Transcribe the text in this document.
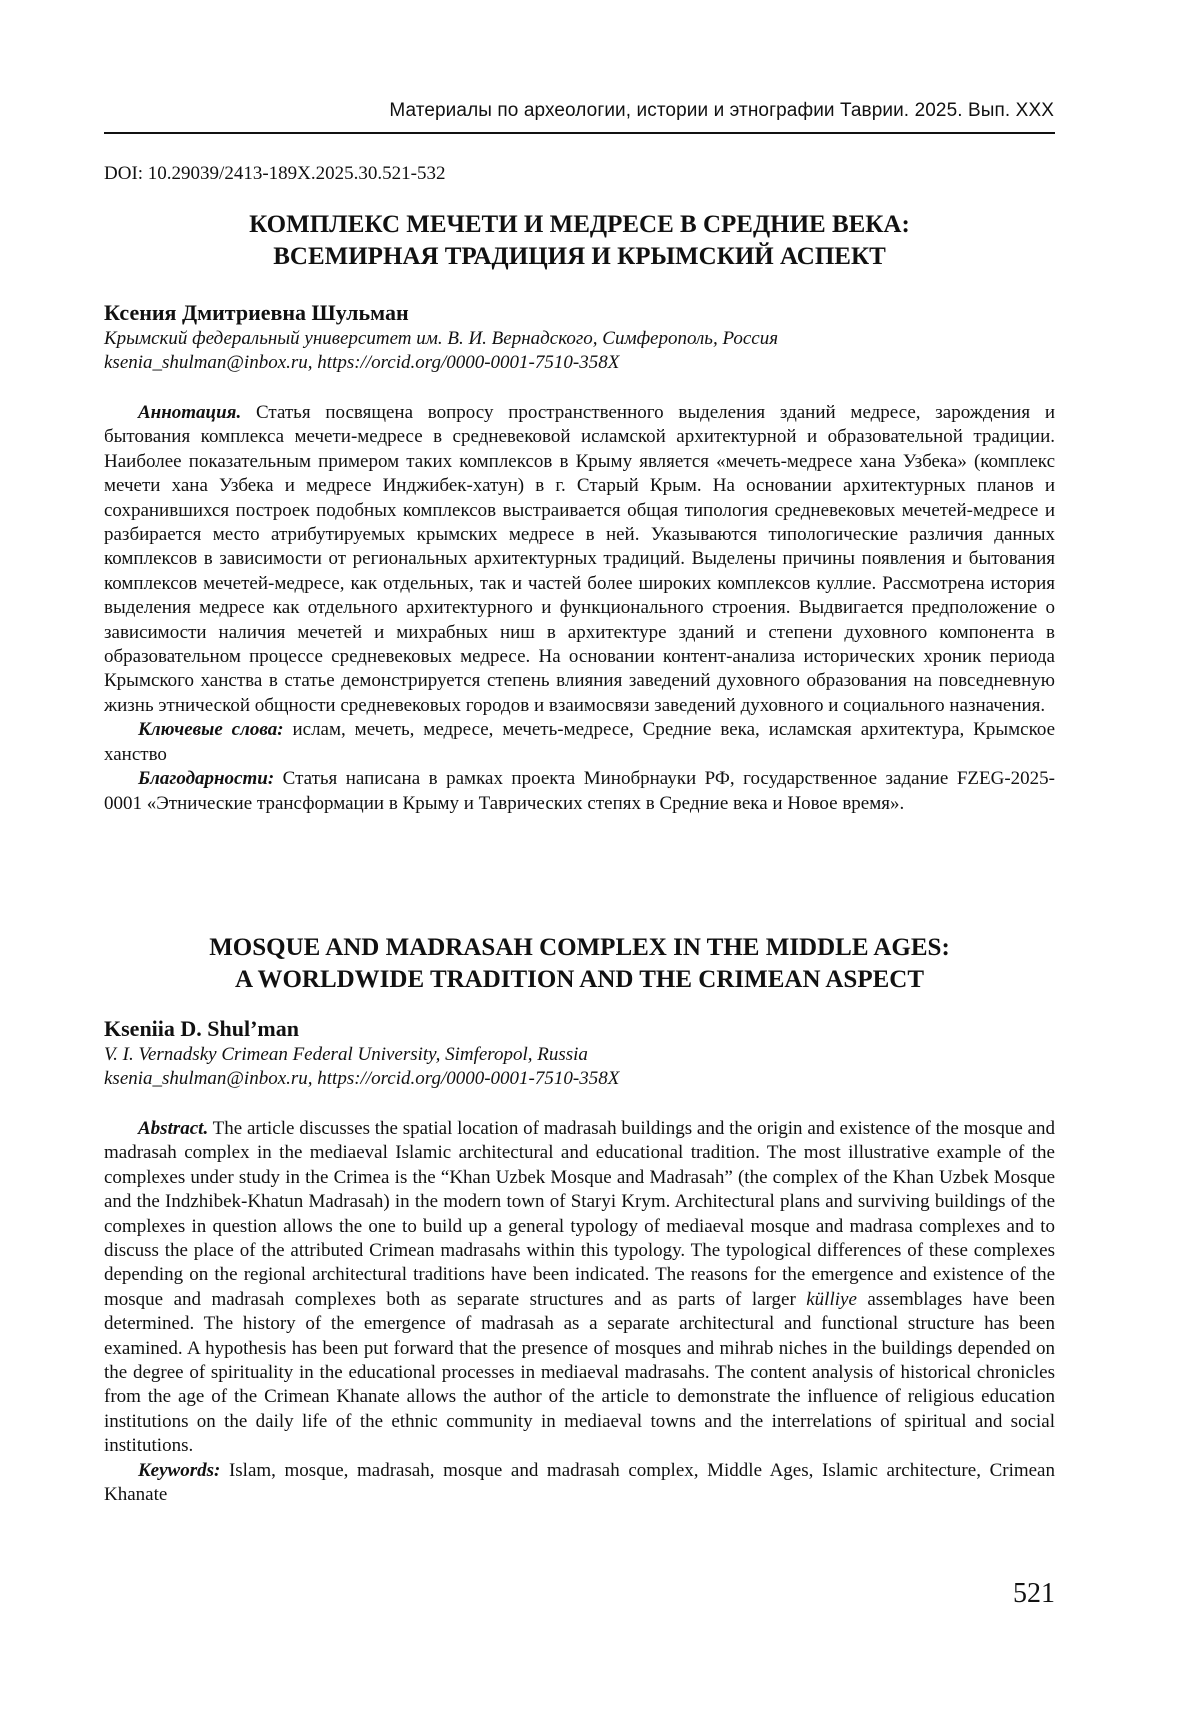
Материалы по археологии, истории и этнографии Таврии. 2025. Вып. XXX
DOI: 10.29039/2413-189X.2025.30.521-532
КОМПЛЕКС МЕЧЕТИ И МЕДРЕСЕ В СРЕДНИЕ ВЕКА:
ВСЕМИРНАЯ ТРАДИЦИЯ И КРЫМСКИЙ АСПЕКТ
Ксения Дмитриевна Шульман
Крымский федеральный университет им. В. И. Вернадского, Симферополь, Россия
ksenia_shulman@inbox.ru, https://orcid.org/0000-0001-7510-358X

Аннотация. Статья посвящена вопросу пространственного выделения зданий медресе, зарождения и бытования комплекса мечети-медресе в средневековой исламской архитектурной и образовательной традиции. Наиболее показательным примером таких комплексов в Крыму является «мечеть-медресе хана Узбека» (комплекс мечети хана Узбека и медресе Инджибек-хатун) в г. Старый Крым. На основании архитектурных планов и сохранившихся построек подобных комплексов выстраивается общая типология средневековых мечетей-медресе и разбирается место атрибутируемых крымских медресе в ней. Указываются типологические различия данных комплексов в зависимости от региональных архитектурных традиций. Выделены причины появления и бытования комплексов мечетей-медресе, как отдельных, так и частей более широких комплексов куллие. Рассмотрена история выделения медресе как отдельного архитектурного и функционального строения. Выдвигается предположение о зависимости наличия мечетей и михрабных ниш в архитектуре зданий и степени духовного компонента в образовательном процессе средневековых медресе. На основании контент-анализа исторических хроник периода Крымского ханства в статье демонстрируется степень влияния заведений духовного образования на повседневную жизнь этнической общности средневековых городов и взаимосвязи заведений духовного и социального назначения.

Ключевые слова: ислам, мечеть, медресе, мечеть-медресе, Средние века, исламская архитектура, Крымское ханство

Благодарности: Статья написана в рамках проекта Минобрнауки РФ, государственное задание FZEG-2025-0001 «Этнические трансформации в Крыму и Таврических степях в Средние века и Новое время».

MOSQUE AND MADRASAH COMPLEX IN THE MIDDLE AGES:
A WORLDWIDE TRADITION AND THE CRIMEAN ASPECT
Kseniia D. Shul’man
V. I. Vernadsky Crimean Federal University, Simferopol, Russia
ksenia_shulman@inbox.ru, https://orcid.org/0000-0001-7510-358X

Abstract. The article discusses the spatial location of madrasah buildings and the origin and existence of the mosque and madrasah complex in the mediaeval Islamic architectural and educational tradition. The most illustrative example of the complexes under study in the Crimea is the “Khan Uzbek Mosque and Madrasah” (the complex of the Khan Uzbek Mosque and the Indzhibek-Khatun Madrasah) in the modern town of Staryi Krym. Architectural plans and surviving buildings of the complexes in question allows the one to build up a general typology of mediaeval mosque and madrasa complexes and to discuss the place of the attributed Crimean madrasahs within this typology. The typological differences of these complexes depending on the regional architectural traditions have been indicated. The reasons for the emergence and existence of the mosque and madrasah complexes both as separate structures and as parts of larger külliye assemblages have been determined. The history of the emergence of madrasah as a separate architectural and functional structure has been examined. A hypothesis has been put forward that the presence of mosques and mihrab niches in the buildings depended on the degree of spirituality in the educational processes in mediaeval madrasahs. The content analysis of historical chronicles from the age of the Crimean Khanate allows the author of the article to demonstrate the influence of religious education institutions on the daily life of the ethnic community in mediaeval towns and the interrelations of spiritual and social institutions.

Keywords: Islam, mosque, madrasah, mosque and madrasah complex, Middle Ages, Islamic architecture, Crimean Khanate

521
